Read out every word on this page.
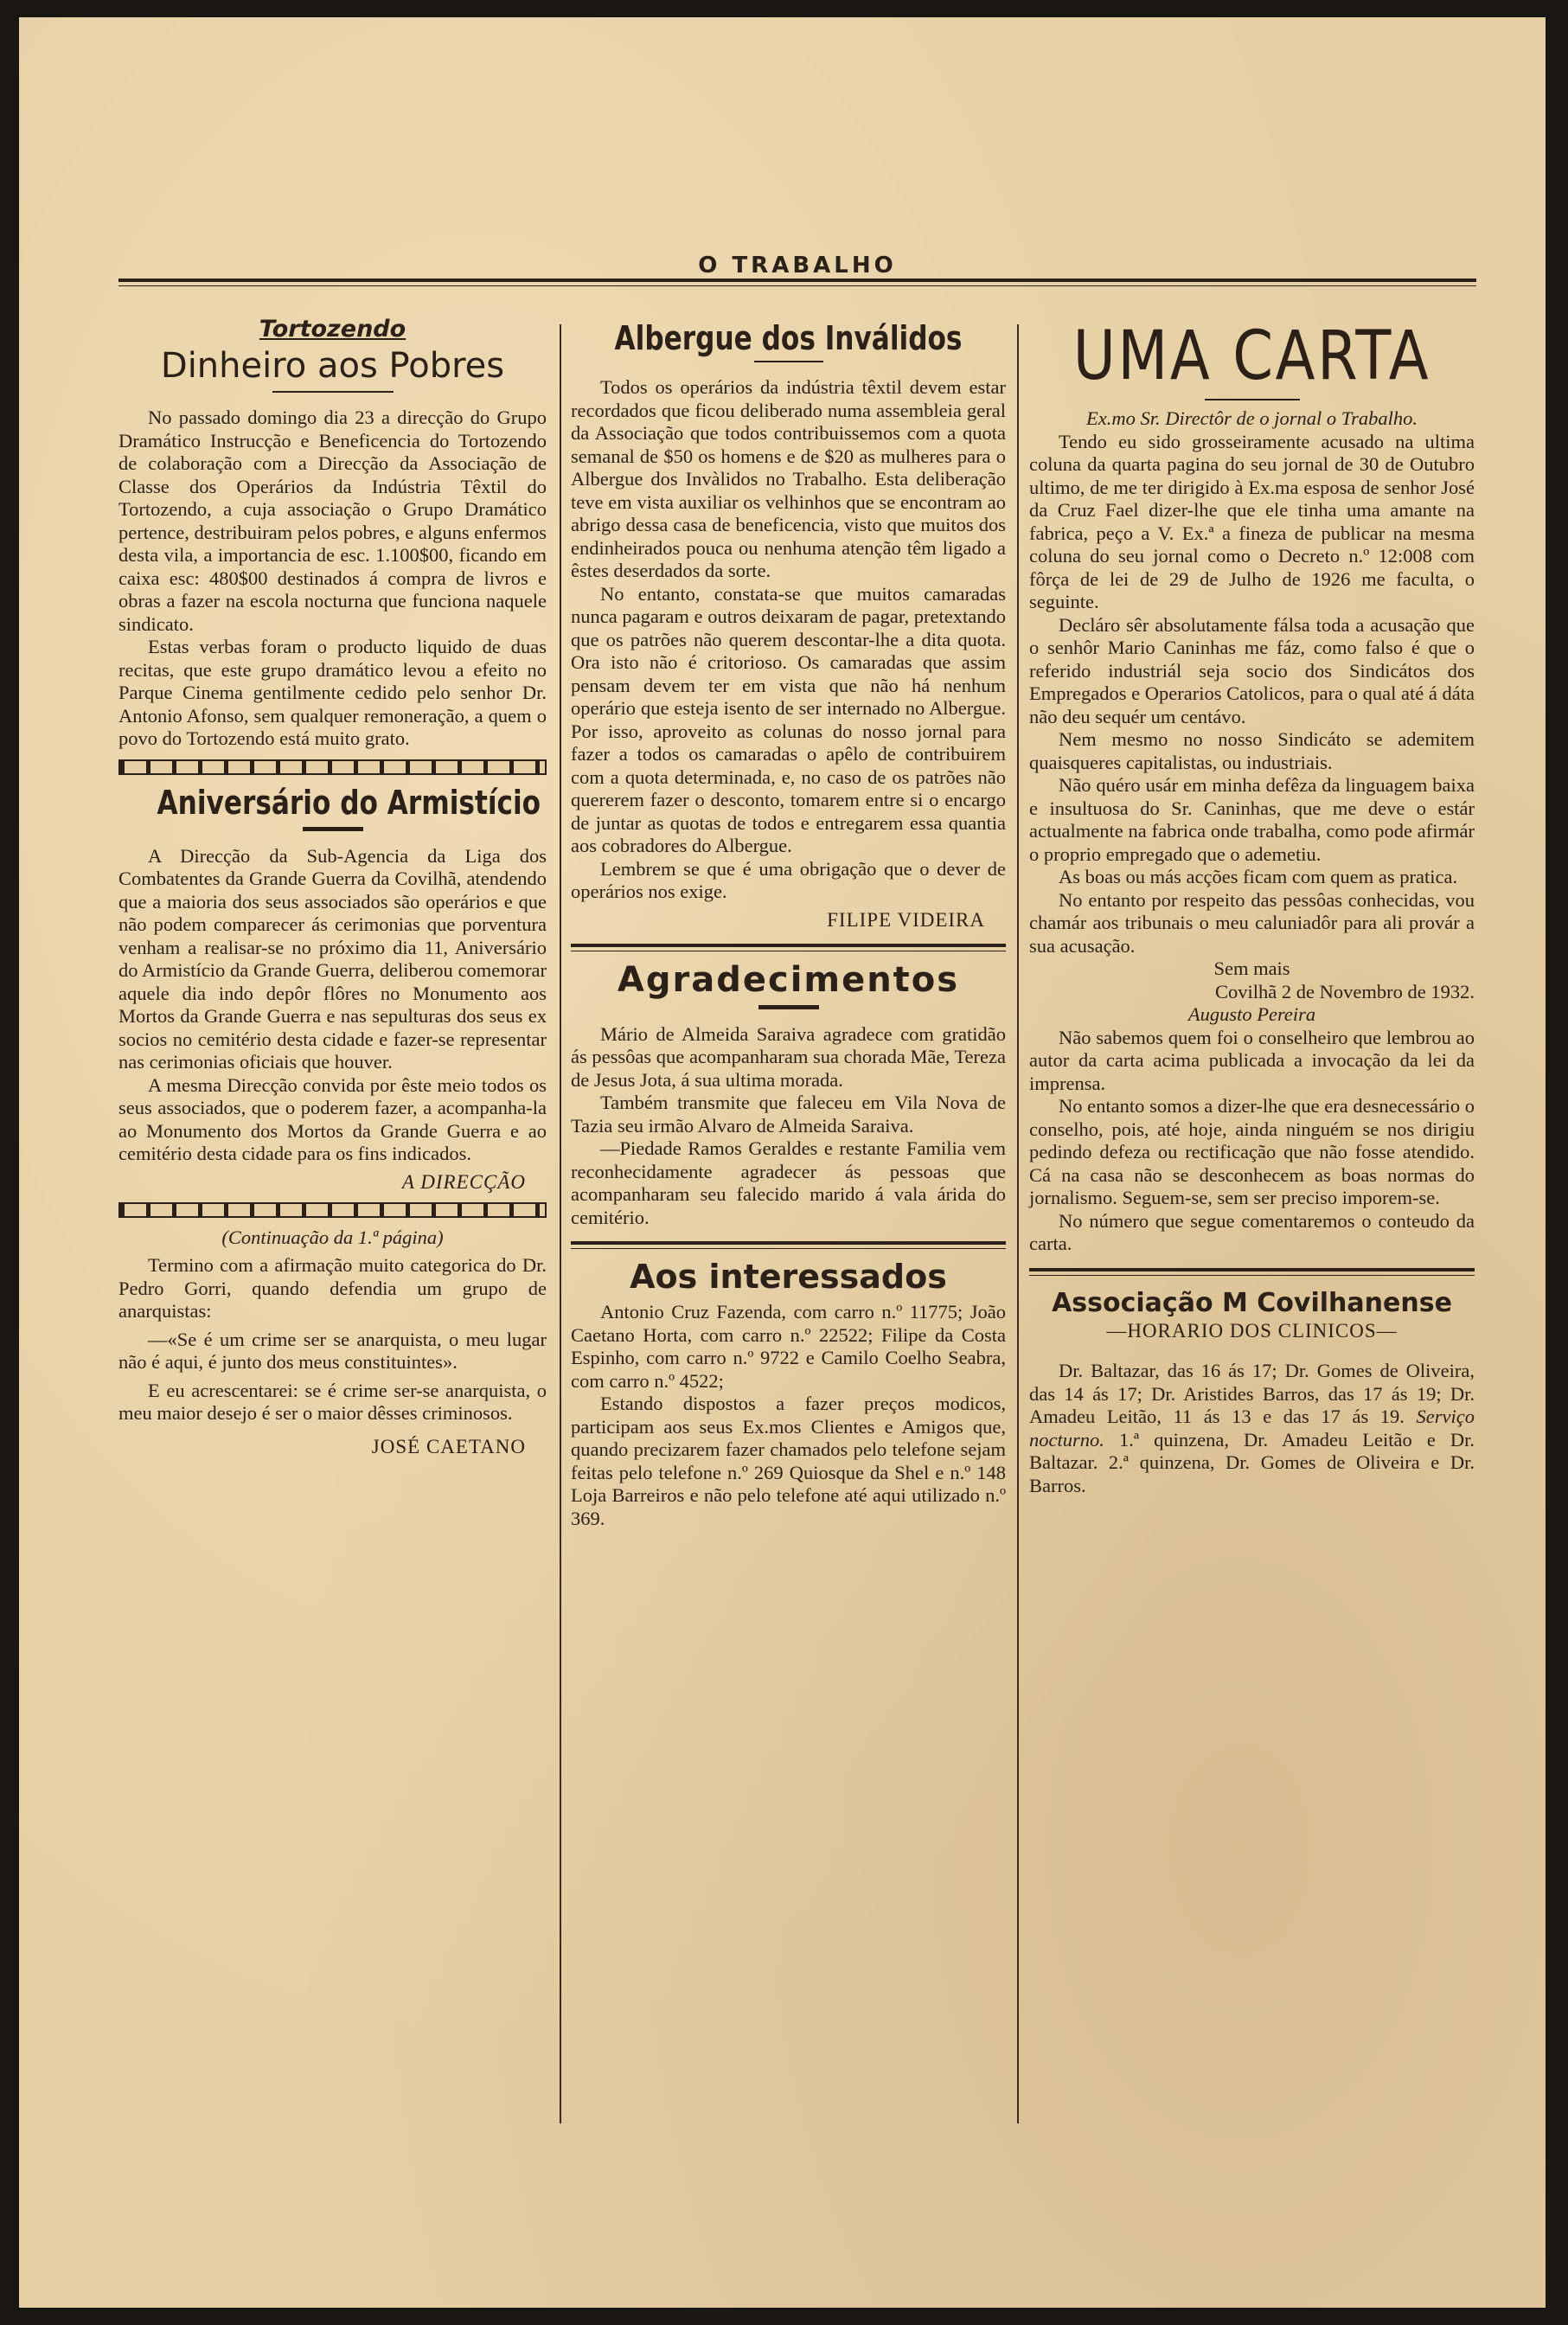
O TRABALHO
Tortozendo
Dinheiro aos Pobres

No passado domingo dia 23 a direcção do Grupo Dramático Instrucção e Beneficencia do Tortozendo de colaboração com a Direcção da Associação de Classe dos Operários da Indústria Têxtil do Tortozendo, a cuja associação o Grupo Dramático pertence, destribuiram pelos pobres, e alguns enfermos desta vila, a importancia de esc. 1.100$00, ficando em caixa esc: 480$00 destinados á compra de livros e obras a fazer na escola nocturna que funciona naquele sindicato.

Estas verbas foram o producto liquido de duas recitas, que este grupo dramático levou a efeito no Parque Cinema gentilmente cedido pelo senhor Dr. Antonio Afonso, sem qualquer remoneração, a quem o povo do Tortozendo está muito grato.

Aniversário do Armistício

A Direcção da Sub-Agencia da Liga dos Combatentes da Grande Guerra da Covilhã, atendendo que a maioria dos seus associados são operários e que não podem comparecer ás cerimonias que porventura venham a realisar-se no próximo dia 11, Aniversário do Armistício da Grande Guerra, deliberou comemorar aquele dia indo depôr flôres no Monumento aos Mortos da Grande Guerra e nas sepulturas dos seus ex socios no cemitério desta cidade e fazer-se representar nas cerimonias oficiais que houver.

A mesma Direcção convida por êste meio todos os seus associados, que o poderem fazer, a acompanha-la ao Monumento dos Mortos da Grande Guerra e ao cemitério desta cidade para os fins indicados.

A DIRECÇÃO

(Continuação da 1.ª página)

Termino com a afirmação muito categorica do Dr. Pedro Gorri, quando defendia um grupo de anarquistas:

—«Se é um crime ser se anarquista, o meu lugar não é aqui, é junto dos meus constituintes».

E eu acrescentarei: se é crime ser-se anarquista, o meu maior desejo é ser o maior dêsses criminosos.

JOSÉ CAETANO
Albergue dos Inválidos

Todos os operários da indústria têxtil devem estar recordados que ficou deliberado numa assembleia geral da Associação que todos contribuissemos com a quota semanal de $50 os homens e de $20 as mulheres para o Albergue dos Invàlidos no Trabalho. Esta deliberação teve em vista auxiliar os velhinhos que se encontram ao abrigo dessa casa de beneficencia, visto que muitos dos endinheirados pouca ou nenhuma atenção têm ligado a êstes deserdados da sorte.

No entanto, constata-se que muitos camaradas nunca pagaram e outros deixaram de pagar, pretextando que os patrões não querem descontar-lhe a dita quota. Ora isto não é critorioso. Os camaradas que assim pensam devem ter em vista que não há nenhum operário que esteja isento de ser internado no Albergue. Por isso, aproveito as colunas do nosso jornal para fazer a todos os camaradas o apêlo de contribuirem com a quota determinada, e, no caso de os patrões não quererem fazer o desconto, tomarem entre si o encargo de juntar as quotas de todos e entregarem essa quantia aos cobradores do Albergue.

Lembrem se que é uma obrigação que o dever de operários nos exige.

FILIPE VIDEIRA
Agradecimentos

Mário de Almeida Saraiva agradece com gratidão ás pessôas que acompanharam sua chorada Mãe, Tereza de Jesus Jota, á sua ultima morada.

Também transmite que faleceu em Vila Nova de Tazia seu irmão Alvaro de Almeida Saraiva.

—Piedade Ramos Geraldes e restante Familia vem reconhecidamente agradecer ás pessoas que acompanharam seu falecido marido á vala árida do cemitério.

Aos interessados

Antonio Cruz Fazenda, com carro n.º 11775; João Caetano Horta, com carro n.º 22522; Filipe da Costa Espinho, com carro n.º 9722 e Camilo Coelho Seabra, com carro n.º 4522;

Estando dispostos a fazer preços modicos, participam aos seus Ex.mos Clientes e Amigos que, quando precizarem fazer chamados pelo telefone sejam feitas pelo telefone n.º 269 Quiosque da Shel e n.º 148 Loja Barreiros e não pelo telefone até aqui utilizado n.º 369.

UMA CARTA

Ex.mo Sr. Directôr de o jornal o Trabalho.

Tendo eu sido grosseiramente acusado na ultima coluna da quarta pagina do seu jornal de 30 de Outubro ultimo, de me ter dirigido à Ex.ma esposa de senhor José da Cruz Fael dizer-lhe que ele tinha uma amante na fabrica, peço a V. Ex.ª a fineza de publicar na mesma coluna do seu jornal como o Decreto n.º 12:008 com fôrça de lei de 29 de Julho de 1926 me faculta, o seguinte.

Decláro sêr absolutamente fálsa toda a acusação que o senhôr Mario Caninhas me fáz, como falso é que o referido industriál seja socio dos Sindicátos dos Empregados e Operarios Catolicos, para o qual até á dáta não deu sequér um centávo.

Nem mesmo no nosso Sindicáto se ademitem quaisqueres capitalistas, ou industriais.

Não quéro usár em minha defêza da linguagem baixa e insultuosa do Sr. Caninhas, que me deve o estár actualmente na fabrica onde trabalha, como pode afirmár o proprio empregado que o ademetiu.

As boas ou más acções ficam com quem as pratica.

No entanto por respeito das pessôas conhecidas, vou chamár aos tribunais o meu caluniadôr para ali provár a sua acusação.

Sem mais

Covilhã 2 de Novembro de 1932.

Augusto Pereira

Não sabemos quem foi o conselheiro que lembrou ao autor da carta acima publicada a invocação da lei da imprensa.

No entanto somos a dizer-lhe que era desnecessário o conselho, pois, até hoje, ainda ninguém se nos dirigiu pedindo defeza ou rectificação que não fosse atendido. Cá na casa não se desconhecem as boas normas do jornalismo. Seguem-se, sem ser preciso imporem-se.

No número que segue comentaremos o conteudo da carta.

Associação M Covilhanense

—HORARIO DOS CLINICOS—

Dr. Baltazar, das 16 ás 17; Dr. Gomes de Oliveira, das 14 ás 17; Dr. Aristides Barros, das 17 ás 19; Dr. Amadeu Leitão, 11 ás 13 e das 17 ás 19. Serviço nocturno. 1.ª quinzena, Dr. Amadeu Leitão e Dr. Baltazar. 2.ª quinzena, Dr. Gomes de Oliveira e Dr. Barros.
